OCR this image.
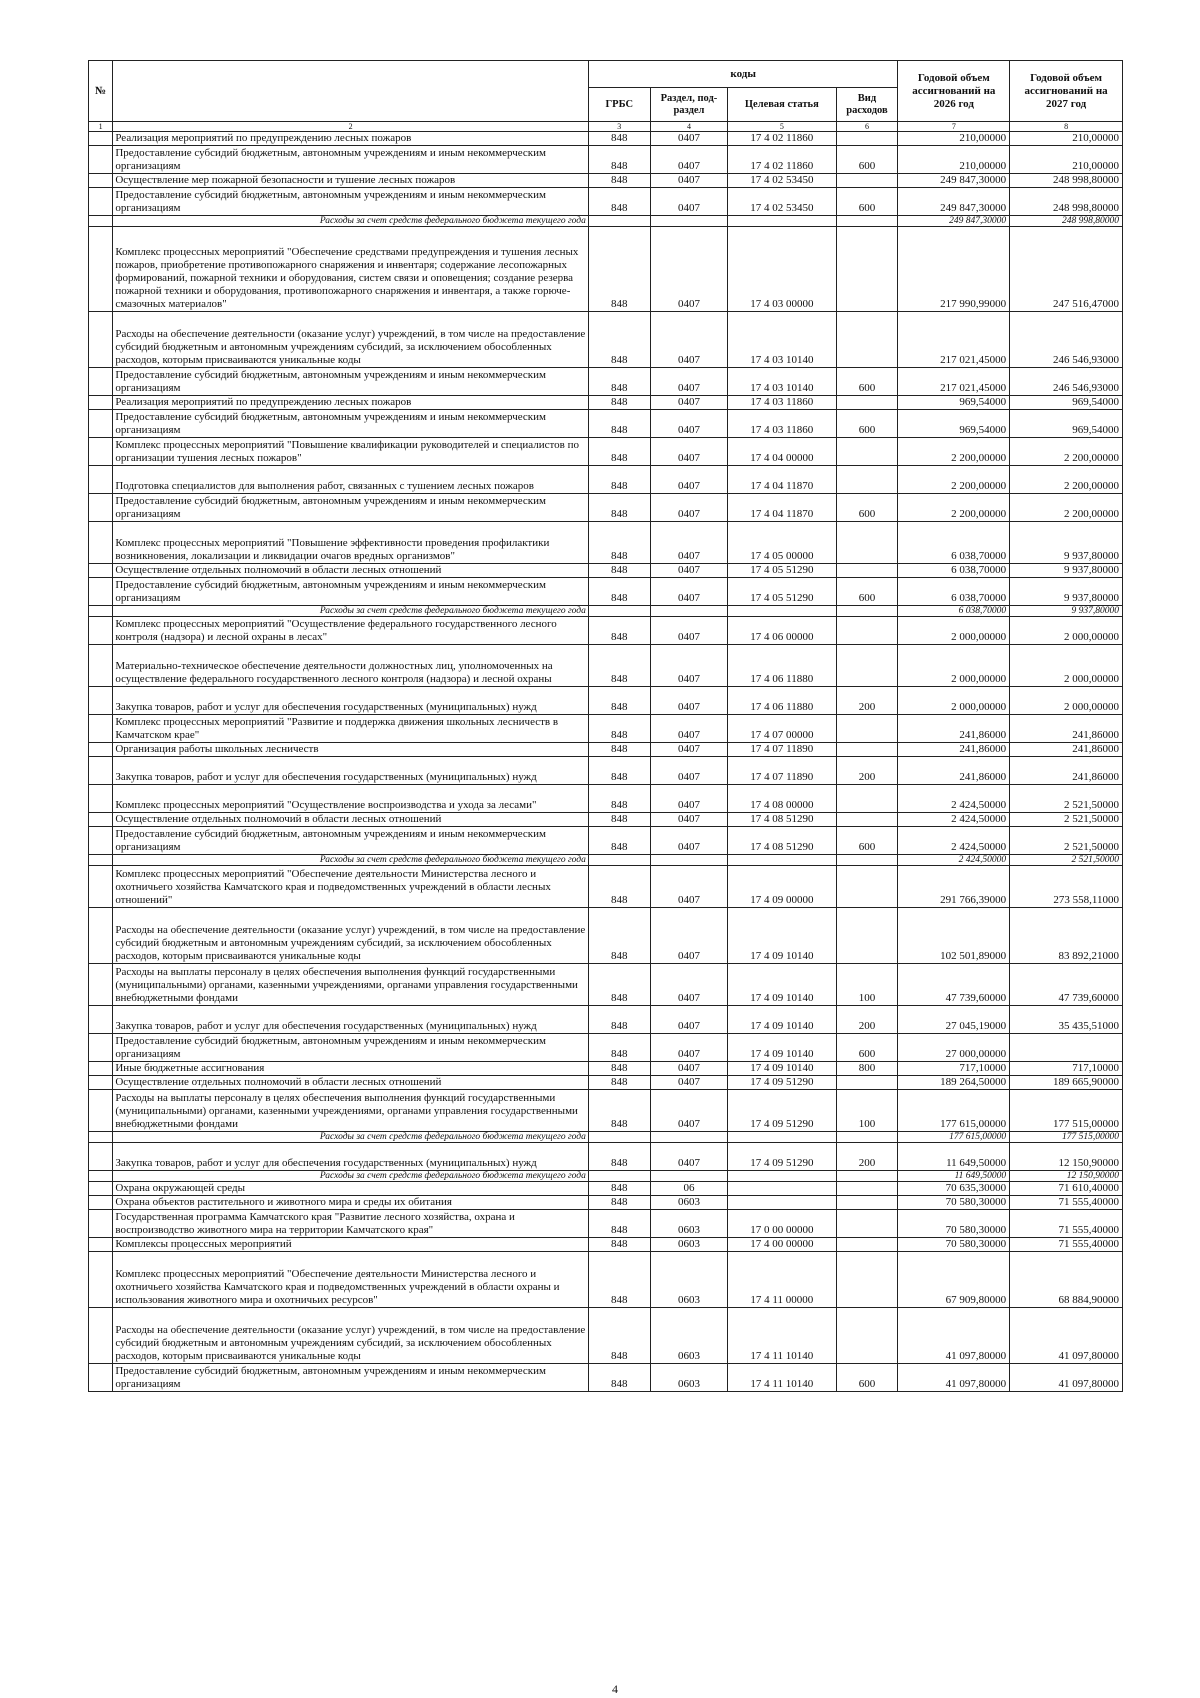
№		коды				Годовой объем ассигнований на 2026 год	Годовой объем ассигнований на 2027 год
		ГРБС	Раздел, под-раздел	Целевая статья	Вид расходов		
1	2	3	4	5	6	7	8
	Реализация мероприятий по предупреждению лесных пожаров	848	0407	17 4 02 11860		210,00000	210,00000
	Предоставление субсидий бюджетным, автономным учреждениям и иным некоммерческим организациям	848	0407	17 4 02 11860	600	210,00000	210,00000
	Осуществление мер пожарной безопасности и тушение лесных пожаров	848	0407	17 4 02 53450		249 847,30000	248 998,80000
	Предоставление субсидий бюджетным, автономным учреждениям и иным некоммерческим организациям	848	0407	17 4 02 53450	600	249 847,30000	248 998,80000
	Расходы за счет средств федерального бюджета текущего года					249 847,30000	248 998,80000
	Комплекс процессных мероприятий "Обеспечение средствами предупреждения и тушения лесных пожаров, приобретение противопожарного снаряжения и инвентаря; содержание лесопожарных формирований, пожарной техники и оборудования, систем связи и оповещения; создание резерва пожарной техники и оборудования, противопожарного снаряжения и инвентаря, а также горюче-смазочных материалов"	848	0407	17 4 03 00000		217 990,99000	247 516,47000
	Расходы на обеспечение деятельности (оказание услуг) учреждений, в том числе на предоставление субсидий бюджетным и автономным учреждениям субсидий, за исключением обособленных расходов, которым присваиваются уникальные коды	848	0407	17 4 03 10140		217 021,45000	246 546,93000
	Предоставление субсидий бюджетным, автономным учреждениям и иным некоммерческим организациям	848	0407	17 4 03 10140	600	217 021,45000	246 546,93000
	Реализация мероприятий по предупреждению лесных пожаров	848	0407	17 4 03 11860		969,54000	969,54000
	Предоставление субсидий бюджетным, автономным учреждениям и иным некоммерческим организациям	848	0407	17 4 03 11860	600	969,54000	969,54000
	Комплекс процессных мероприятий "Повышение квалификации руководителей и специалистов по организации тушения лесных пожаров"	848	0407	17 4 04 00000		2 200,00000	2 200,00000
	Подготовка специалистов для выполнения работ, связанных с тушением лесных пожаров	848	0407	17 4 04 11870		2 200,00000	2 200,00000
	Предоставление субсидий бюджетным, автономным учреждениям и иным некоммерческим организациям	848	0407	17 4 04 11870	600	2 200,00000	2 200,00000
	Комплекс процессных мероприятий "Повышение эффективности проведения профилактики возникновения, локализации и ликвидации очагов вредных организмов"	848	0407	17 4 05 00000		6 038,70000	9 937,80000
	Осуществление отдельных полномочий в области лесных отношений	848	0407	17 4 05 51290		6 038,70000	9 937,80000
	Предоставление субсидий бюджетным, автономным учреждениям и иным некоммерческим организациям	848	0407	17 4 05 51290	600	6 038,70000	9 937,80000
	Расходы за счет средств федерального бюджета текущего года					6 038,70000	9 937,80000
	Комплекс процессных мероприятий "Осуществление федерального государственного лесного контроля (надзора) и лесной охраны в лесах"	848	0407	17 4 06 00000		2 000,00000	2 000,00000
	Материально-техническое обеспечение деятельности должностных лиц, уполномоченных на осуществление федерального государственного лесного контроля (надзора) и лесной охраны	848	0407	17 4 06 11880		2 000,00000	2 000,00000
	Закупка товаров, работ и услуг для обеспечения государственных (муниципальных) нужд	848	0407	17 4 06 11880	200	2 000,00000	2 000,00000
	Комплекс процессных мероприятий "Развитие и поддержка движения школьных лесничеств в Камчатском крае"	848	0407	17 4 07 00000		241,86000	241,86000
	Организация работы школьных лесничеств	848	0407	17 4 07 11890		241,86000	241,86000
	Закупка товаров, работ и услуг для обеспечения государственных (муниципальных) нужд	848	0407	17 4 07 11890	200	241,86000	241,86000
	Комплекс процессных мероприятий "Осуществление воспроизводства и ухода за лесами"	848	0407	17 4 08 00000		2 424,50000	2 521,50000
	Осуществление отдельных полномочий в области лесных отношений	848	0407	17 4 08 51290		2 424,50000	2 521,50000
	Предоставление субсидий бюджетным, автономным учреждениям и иным некоммерческим организациям	848	0407	17 4 08 51290	600	2 424,50000	2 521,50000
	Расходы за счет средств федерального бюджета текущего года					2 424,50000	2 521,50000
	Комплекс процессных мероприятий "Обеспечение деятельности Министерства лесного и охотничьего хозяйства Камчатского края и подведомственных учреждений в области лесных отношений"	848	0407	17 4 09 00000		291 766,39000	273 558,11000
	Расходы на обеспечение деятельности (оказание услуг) учреждений, в том числе на предоставление субсидий бюджетным и автономным учреждениям субсидий, за исключением обособленных расходов, которым присваиваются уникальные коды	848	0407	17 4 09 10140		102 501,89000	83 892,21000
	Расходы на выплаты персоналу в целях обеспечения выполнения функций государственными (муниципальными) органами, казенными учреждениями, органами управления государственными внебюджетными фондами	848	0407	17 4 09 10140	100	47 739,60000	47 739,60000
	Закупка товаров, работ и услуг для обеспечения государственных (муниципальных) нужд	848	0407	17 4 09 10140	200	27 045,19000	35 435,51000
	Предоставление субсидий бюджетным, автономным учреждениям и иным некоммерческим организациям	848	0407	17 4 09 10140	600	27 000,00000	
	Иные бюджетные ассигнования	848	0407	17 4 09 10140	800	717,10000	717,10000
	Осуществление отдельных полномочий в области лесных отношений	848	0407	17 4 09 51290		189 264,50000	189 665,90000
	Расходы на выплаты персоналу в целях обеспечения выполнения функций государственными (муниципальными) органами, казенными учреждениями, органами управления государственными внебюджетными фондами	848	0407	17 4 09 51290	100	177 615,00000	177 515,00000
	Расходы за счет средств федерального бюджета текущего года					177 615,00000	177 515,00000
	Закупка товаров, работ и услуг для обеспечения государственных (муниципальных) нужд	848	0407	17 4 09 51290	200	11 649,50000	12 150,90000
	Расходы за счет средств федерального бюджета текущего года					11 649,50000	12 150,90000
	Охрана окружающей среды	848	06			70 635,30000	71 610,40000
	Охрана объектов растительного и животного мира и среды их обитания	848	0603			70 580,30000	71 555,40000
	Государственная программа Камчатского края "Развитие лесного хозяйства, охрана и воспроизводство животного мира на территории Камчатского края"	848	0603	17 0 00 00000		70 580,30000	71 555,40000
	Комплексы процессных мероприятий	848	0603	17 4 00 00000		70 580,30000	71 555,40000
	Комплекс процессных мероприятий "Обеспечение деятельности Министерства лесного и охотничьего хозяйства Камчатского края и подведомственных учреждений в области охраны и использования животного мира и охотничьих ресурсов"	848	0603	17 4 11 00000		67 909,80000	68 884,90000
	Расходы на обеспечение деятельности (оказание услуг) учреждений, в том числе на предоставление субсидий бюджетным и автономным учреждениям субсидий, за исключением обособленных расходов, которым присваиваются уникальные коды	848	0603	17 4 11 10140		41 097,80000	41 097,80000
	Предоставление субсидий бюджетным, автономным учреждениям и иным некоммерческим организациям	848	0603	17 4 11 10140	600	41 097,80000	41 097,80000
4
